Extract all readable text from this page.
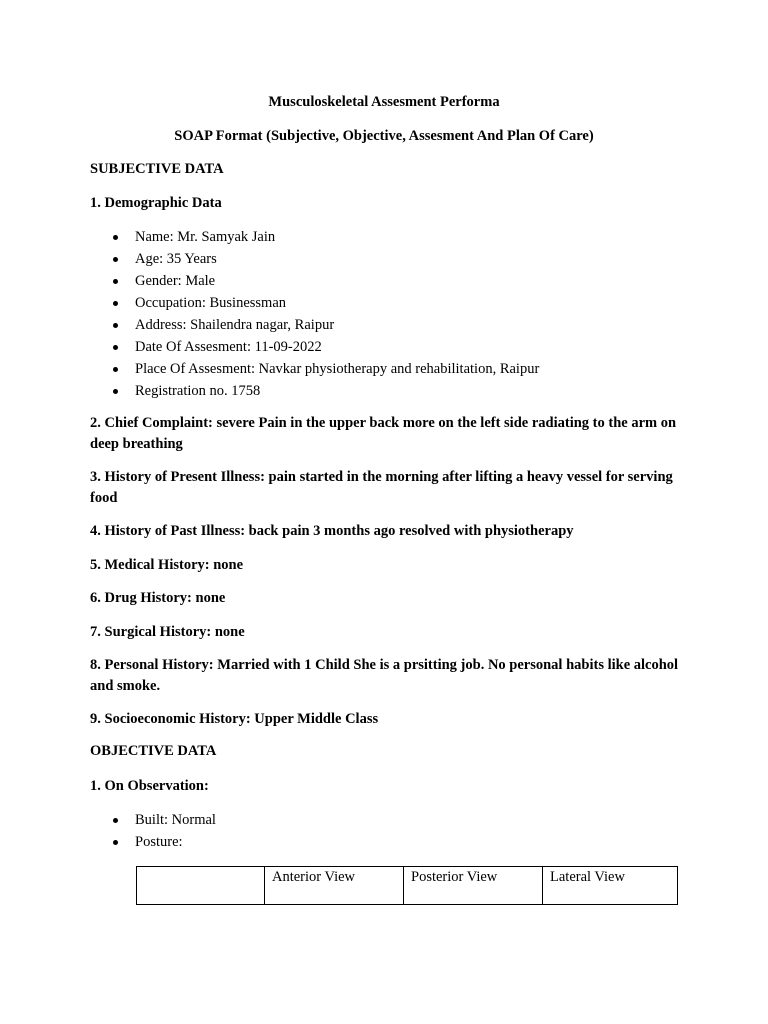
Musculoskeletal Assesment Performa
SOAP Format (Subjective, Objective, Assesment And Plan Of Care)
SUBJECTIVE DATA
1. Demographic Data
Name: Mr. Samyak Jain
Age: 35 Years
Gender: Male
Occupation: Businessman
Address: Shailendra nagar, Raipur
Date Of Assesment: 11-09-2022
Place Of Assesment: Navkar physiotherapy and rehabilitation, Raipur
Registration no. 1758
2. Chief Complaint: severe Pain in the upper back more on the left side radiating to the arm on deep breathing
3. History of Present Illness: pain started in the morning after lifting a heavy vessel for serving food
4. History of Past Illness: back pain 3 months ago resolved with physiotherapy
5. Medical History: none
6. Drug History: none
7. Surgical History: none
8. Personal History: Married with 1 Child She is a prsitting job. No personal habits like alcohol and smoke.
9. Socioeconomic History: Upper Middle Class
OBJECTIVE DATA
1. On Observation:
Built: Normal
Posture:
	Anterior View	Posterior View	Lateral View
